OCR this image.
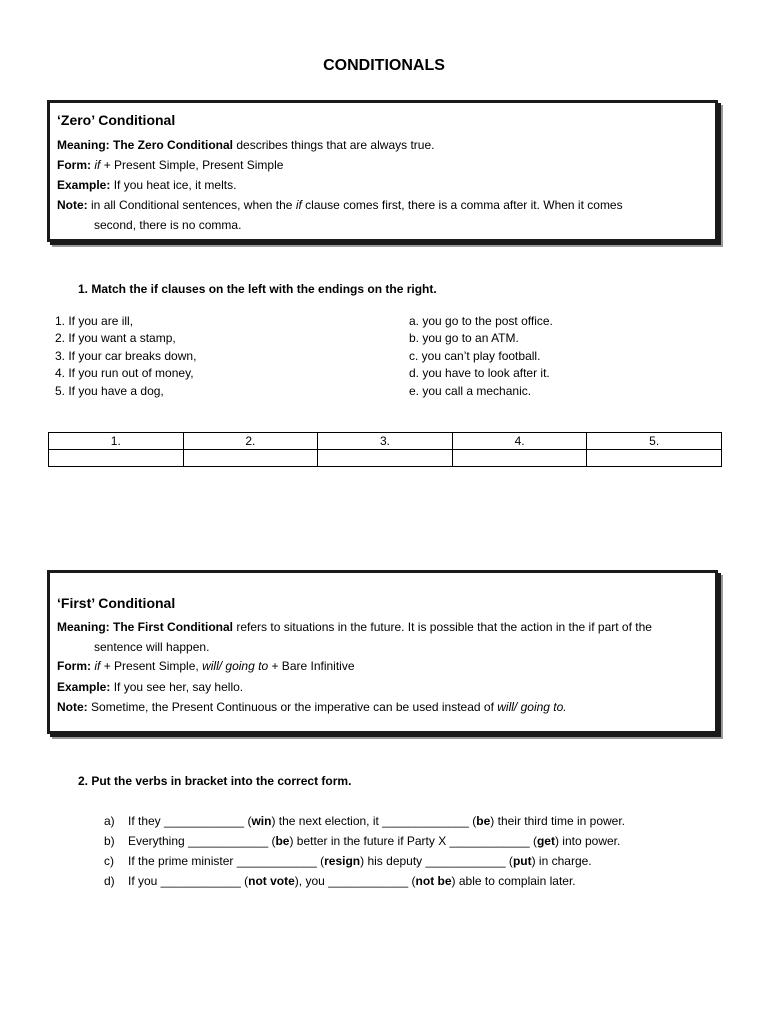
CONDITIONALS
‘Zero’ Conditional
Meaning: The Zero Conditional describes things that are always true.
Form: if + Present Simple, Present Simple
Example: If you heat ice, it melts.
Note: in all Conditional sentences, when the if clause comes first, there is a comma after it. When it comes
second, there is no comma.
1. Match the if clauses on the left with the endings on the right.
1. If you are ill,
2. If you want a stamp,
3. If your car breaks down,
4. If you run out of money,
5. If you have a dog,
a. you go to the post office.
b. you go to an ATM.
c. you can’t play football.
d. you have to look after it.
e. you call a mechanic.
1.	2.	3.	4.	5.

‘First’ Conditional
Meaning: The First Conditional refers to situations in the future. It is possible that the action in the if part of the
sentence will happen.
Form: if + Present Simple, will/ going to + Bare Infinitive
Example: If you see her, say hello.
Note: Sometime, the Present Continuous or the imperative can be used instead of will/ going to.
2. Put the verbs in bracket into the correct form.
a) If they ____________ (win) the next election, it _____________ (be) their third time in power.
b) Everything ____________ (be) better in the future if Party X ____________ (get) into power.
c) If the prime minister ____________ (resign) his deputy ____________ (put) in charge.
d) If you ____________ (not vote), you ____________ (not be) able to complain later.
